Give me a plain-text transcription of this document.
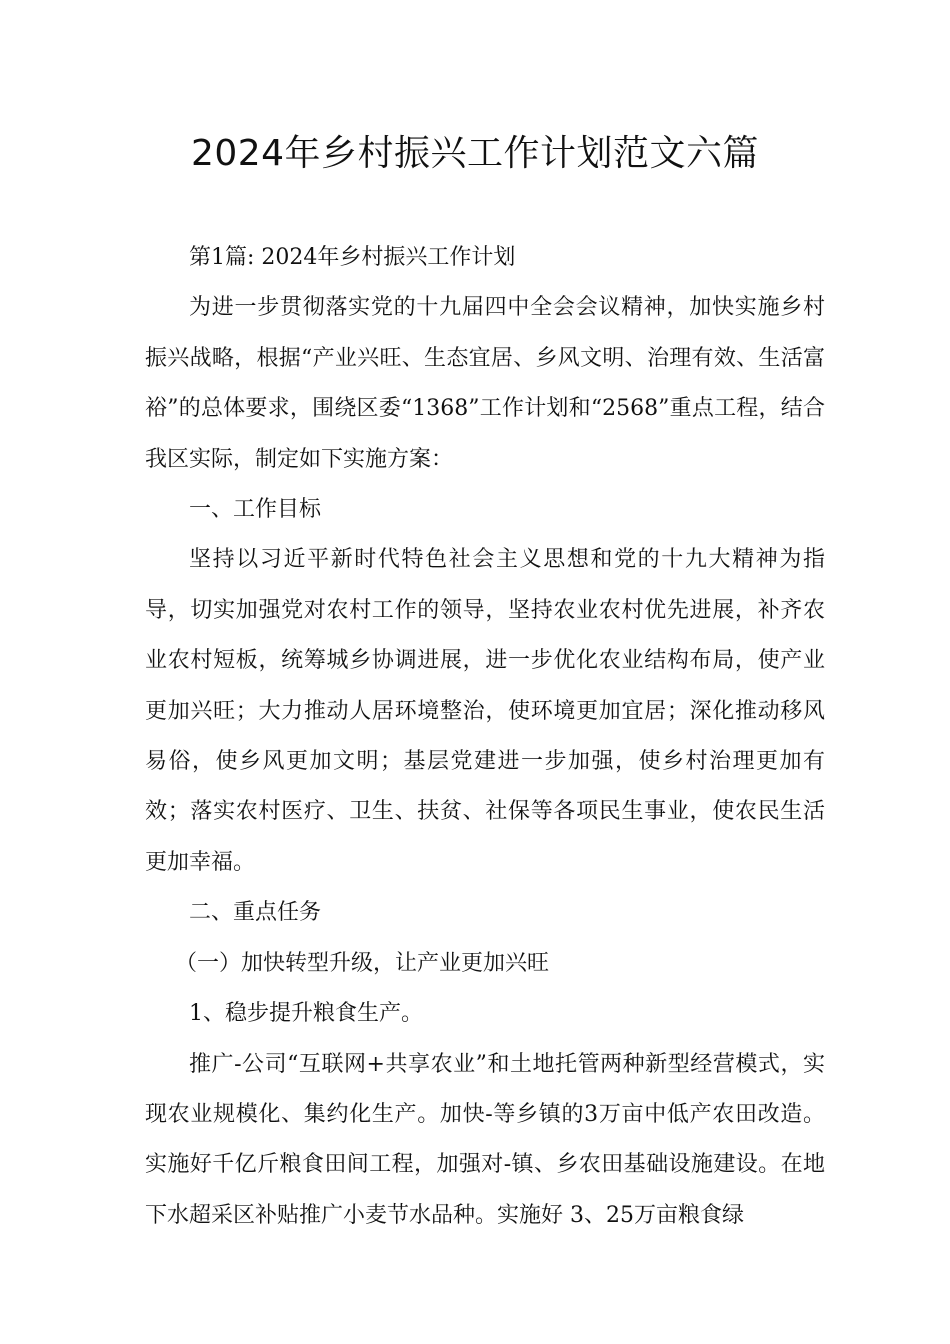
2024年乡村振兴工作计划范文六篇

第1篇: 2024年乡村振兴工作计划

为进一步贯彻落实党的十九届四中全会会议精神，加快实施乡村振兴战略，根据“产业兴旺、生态宜居、乡风文明、治理有效、生活富裕”的总体要求，围绕区委“1368”工作计划和“2568”重点工程，结合我区实际，制定如下实施方案：

一、工作目标

坚持以习近平新时代特色社会主义思想和党的十九大精神为指导，切实加强党对农村工作的领导，坚持农业农村优先进展，补齐农业农村短板，统筹城乡协调进展，进一步优化农业结构布局，使产业更加兴旺；大力推动人居环境整治，使环境更加宜居；深化推动移风易俗，使乡风更加文明；基层党建进一步加强，使乡村治理更加有效；落实农村医疗、卫生、扶贫、社保等各项民生事业，使农民生活更加幸福。

二、重点任务

（一）加快转型升级，让产业更加兴旺

1、稳步提升粮食生产。

推广-公司“互联网+共享农业”和土地托管两种新型经营模式，实现农业规模化、集约化生产。加快-等乡镇的3万亩中低产农田改造。实施好千亿斤粮食田间工程，加强对-镇、乡农田基础设施建设。在地下水超采区补贴推广小麦节水品种。实施好 3、25万亩粮食绿
